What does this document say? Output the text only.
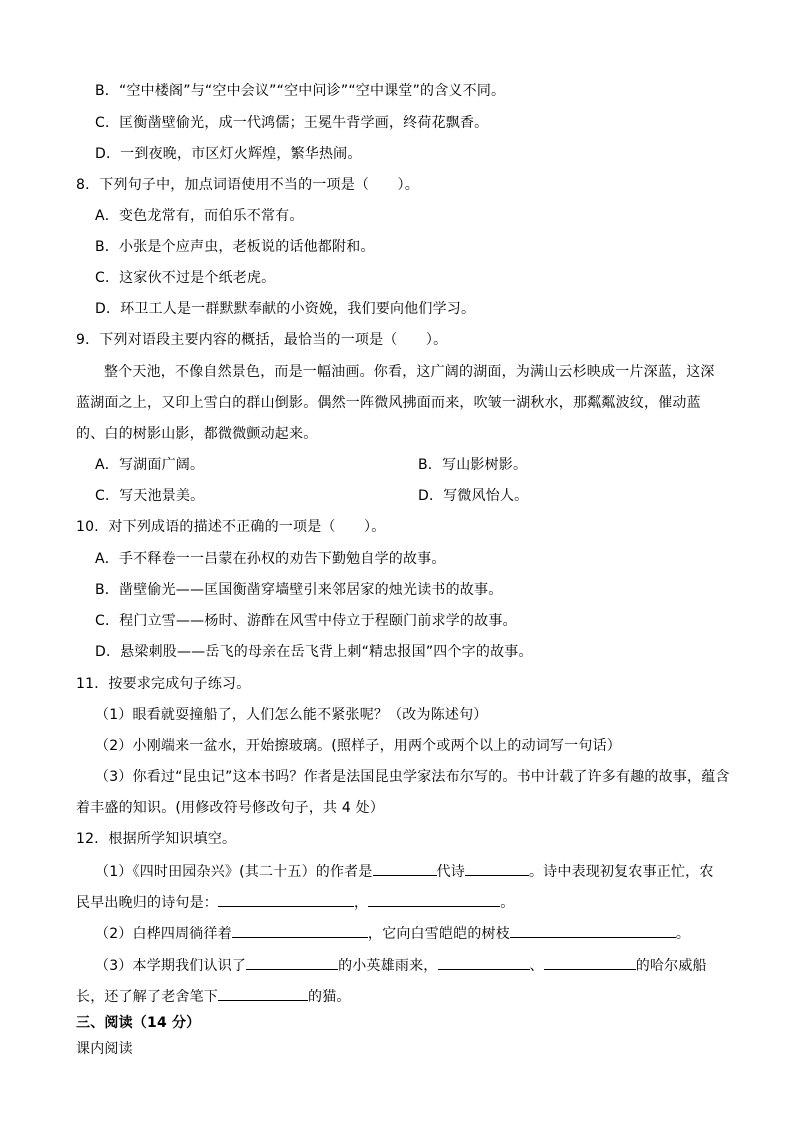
B．“空中楼阁”与“空中会议”“空中问诊”“空中课堂”的含义不同。
C．匡衡凿壁偷光，成一代鸿儒；王冕牛背学画，终荷花飘香。
D．一到夜晚，市区灯火辉煌，繁华热闹。
8．下列句子中，加点词语使用不当的一项是（　　）。
A．变色龙常有，而伯乐不常有。
B．小张是个应声虫，老板说的话他都附和。
C．这家伙不过是个纸老虎。
D．环卫工人是一群默默奉献的小资娩，我们要向他们学习。
9．下列对语段主要内容的概括，最恰当的一项是（　　）。
整个天池，不像自然景色，而是一幅油画。你看，这广阔的湖面，为满山云杉映成一片深蓝，这深
蓝湖面之上，又印上雪白的群山倒影。偶然一阵微风拂面而来，吹皱一湖秋水，那粼粼波纹，催动蓝
的、白的树影山影，都微微颤动起来。
A．写湖面广阔。	B．写山影树影。
C．写天池景美。	D．写微风怡人。
10．对下列成语的描述不正确的一项是（　　）。
A．手不释卷一一吕蒙在孙权的劝告下勤勉自学的故事。
B．凿壁偷光——匡国衡凿穿墙壁引来邻居家的烛光读书的故事。
C．程门立雪——杨时、游酢在风雪中侍立于程颐门前求学的故事。
D．悬梁刺股——岳飞的母亲在岳飞背上刺“精忠报国”四个字的故事。
11．按要求完成句子练习。
（1）眼看就耍撞船了，人们怎么能不紧张呢？（改为陈述句）
（2）小刚端来一盆水，开始擦玻璃。(照样子，用两个或两个以上的动词写一句话）
（3）你看过“昆虫记”这本书吗？作者是法国昆虫学家法布尔写的。书中计载了许多有趣的故事，蕴含
着丰盛的知识。(用修改符号修改句子，共 4 处）
12．根据所学知识填空。
（1）《四时田园杂兴》(其二十五）的作者是	代诗	。诗中表现初复农事正忙，农
民早出晚归的诗句是：	，	。
（2）白桦四周徜徉着	，它向白雪皑皑的树枝	。
（3）本学期我们认识了	的小英雄雨来，	、	的哈尔威船
长，还了解了老舍笔下	的猫。
三、阅读（14 分）
课内阅读
